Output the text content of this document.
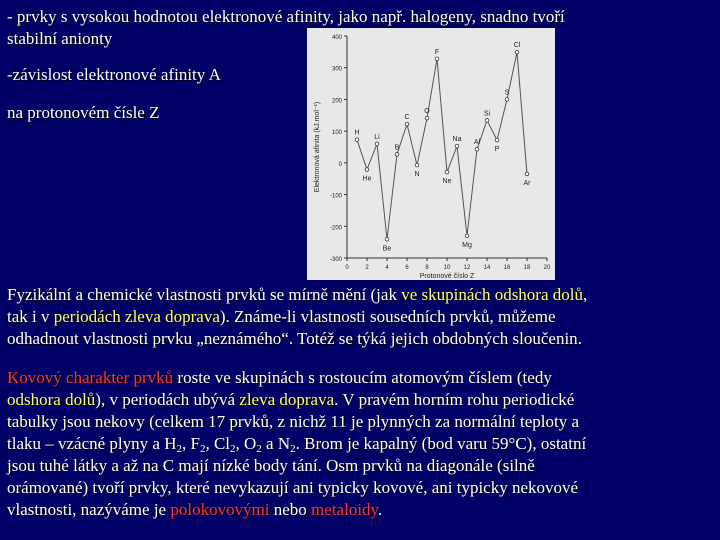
- prvky s vysokou hodnotou elektronové afinity, jako např. halogeny, snadno tvoří
stabilní anionty
-závislost elektronové afinity A
na protonovém čísle Z
-300
-200
-100
0
100
200
300
400
0	2	4	6	8 10 12 14 16 18 20
Protonové číslo Z
Elektronová afinita (kJ.mol⁻¹)	H
He
Li
Be
B
C
N
O
F
Ne
Na
Mg
Al
Si
P
S
Cl
Ar

Fyzikální a chemické vlastnosti prvků se mírně mění (jak ve skupinách odshora dolů,

tak i v periodách zleva doprava). Známe-li vlastnosti sousedních prvků, můžeme

odhadnout vlastnosti prvku „neznámého“. Totéž se týká jejich obdobných sloučenin.

Kovový charakter prvků roste ve skupinách s rostoucím atomovým číslem (tedy

odshora dolů), v periodách ubývá zleva doprava. V pravém horním rohu periodické

tabulky jsou nekovy (celkem 17 prvků, z nichž 11 je plynných za normální teploty a

tlaku – vzácné plyny a $H_2$, $F_2$, $Cl_2$, $O_2$ a $N_2$. Brom je kapalný (bod varu 59°C), ostatní

jsou tuhé látky a až na C mají nízké body tání. Osm prvků na diagonále (silně

orámované) tvoří prvky, které nevykazují ani typicky kovové, ani typicky nekovové

vlastnosti, nazýváme je polokovovými nebo metaloidy.
